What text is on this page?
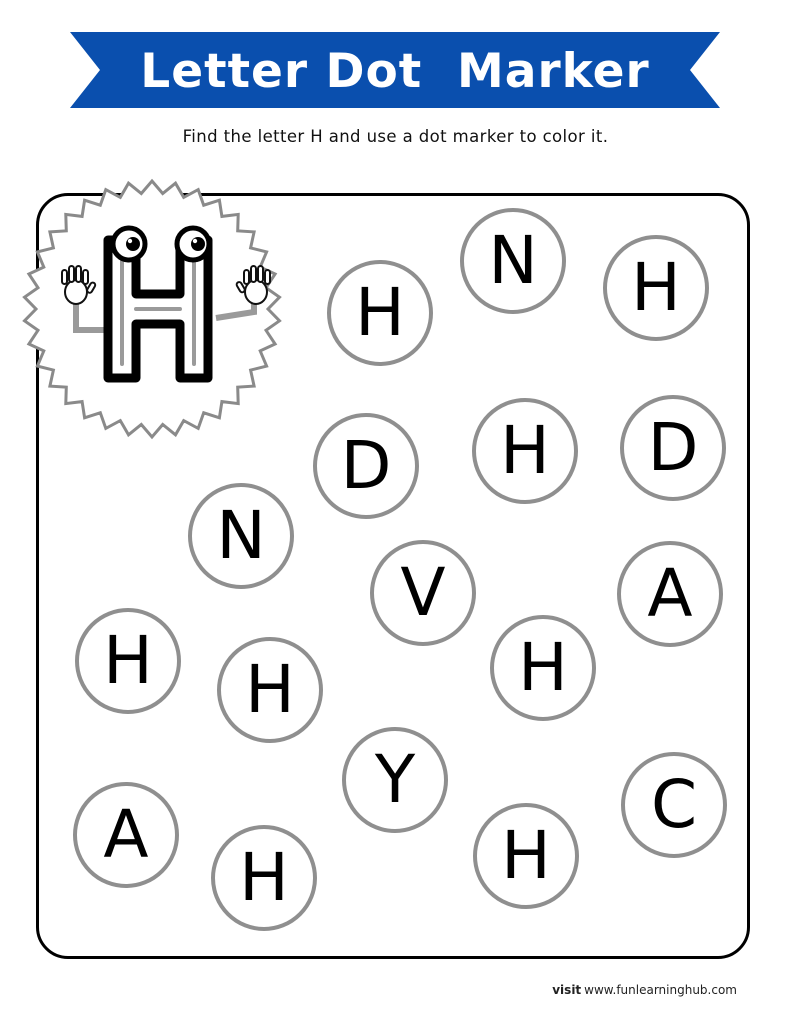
Letter Dot  Marker
Find the letter H and use a dot marker to color it.
N H
H
D H D
N
V	A
H	H
H
Y	C
A	H
H
visit www.funlearninghub.com
